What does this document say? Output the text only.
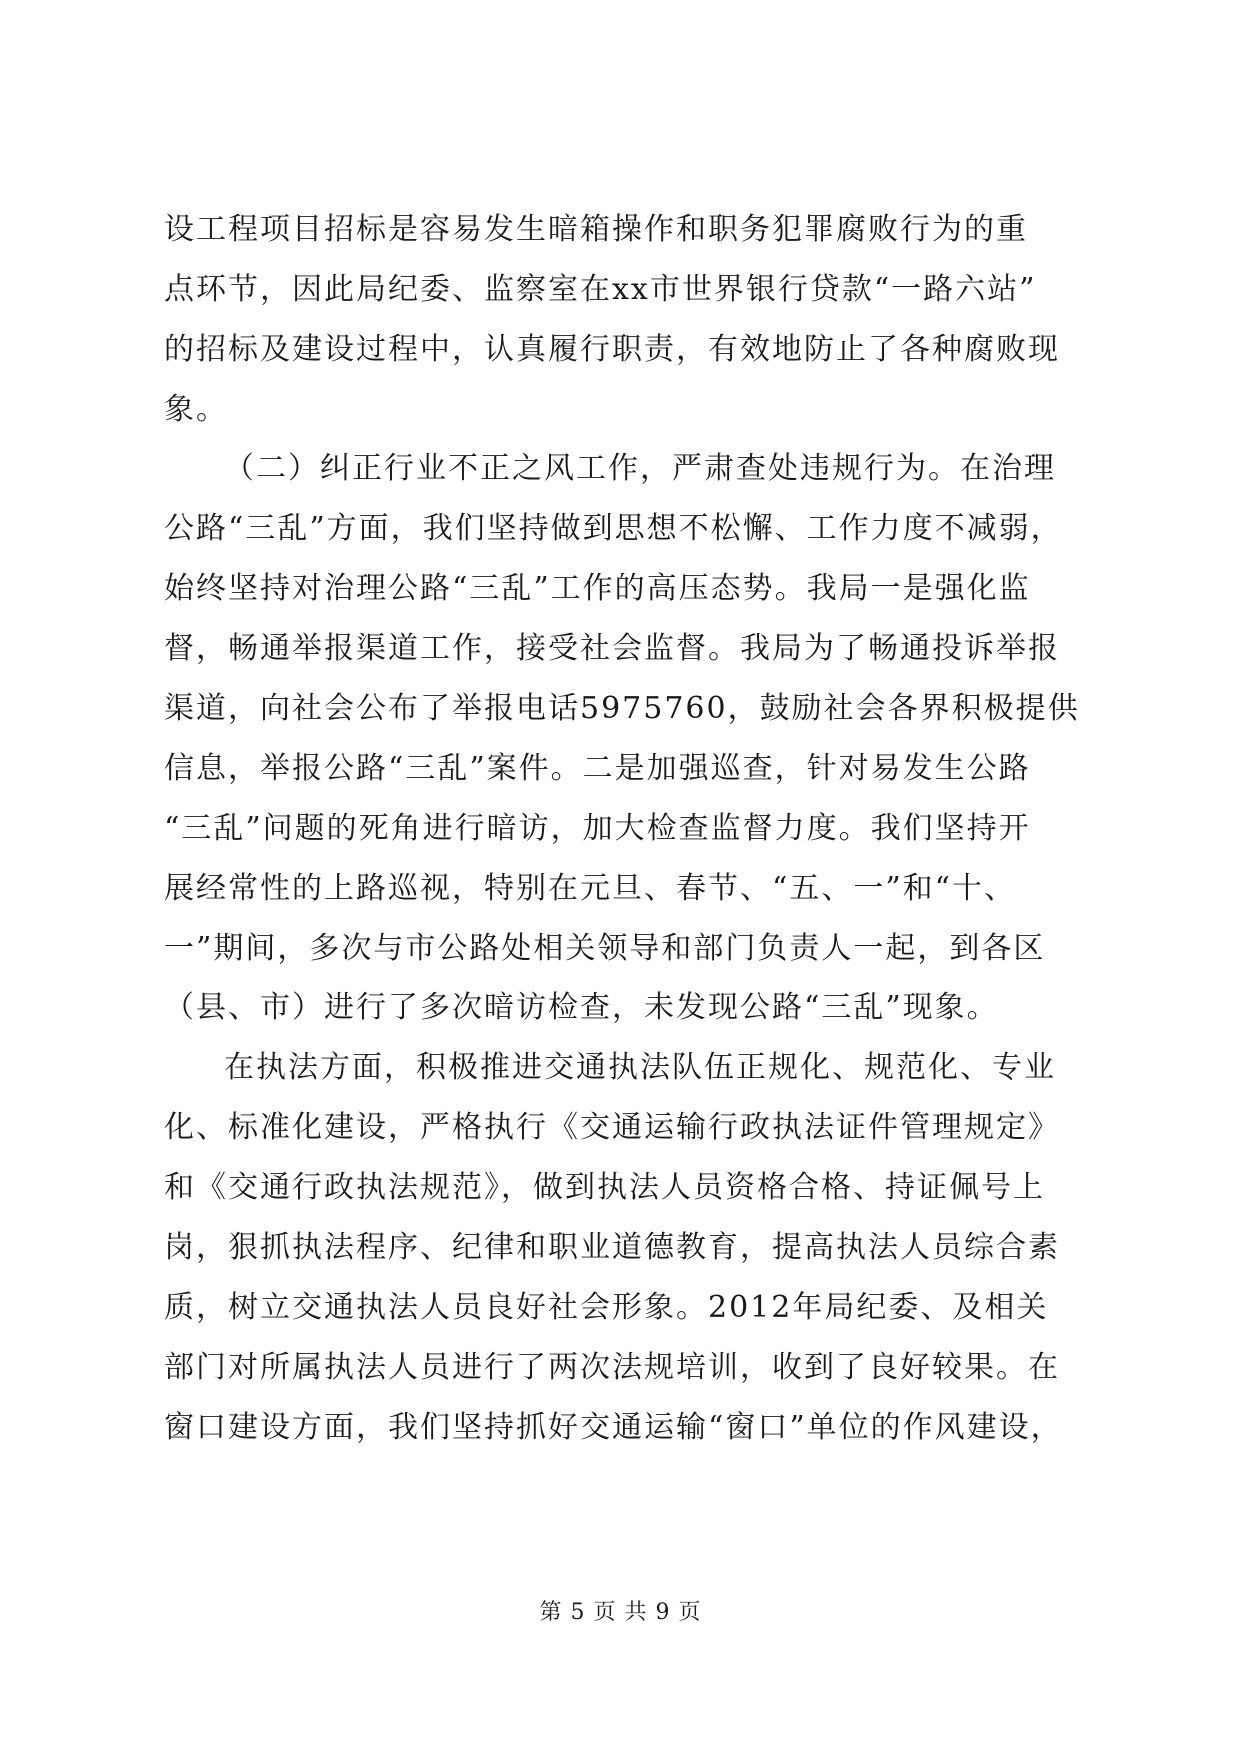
设工程项目招标是容易发生暗箱操作和职务犯罪腐败行为的重
点环节，因此局纪委、监察室在xx市世界银行贷款“一路六站”
的招标及建设过程中，认真履行职责，有效地防止了各种腐败现
象。
（二）纠正行业不正之风工作，严肃查处违规行为。在治理
公路“三乱”方面，我们坚持做到思想不松懈、工作力度不减弱，
始终坚持对治理公路“三乱”工作的高压态势。我局一是强化监
督，畅通举报渠道工作，接受社会监督。我局为了畅通投诉举报
渠道，向社会公布了举报电话5975760，鼓励社会各界积极提供
信息，举报公路“三乱”案件。二是加强巡查，针对易发生公路
“三乱”问题的死角进行暗访，加大检查监督力度。我们坚持开
展经常性的上路巡视，特别在元旦、春节、“五、一”和“十、
一”期间，多次与市公路处相关领导和部门负责人一起，到各区
（县、市）进行了多次暗访检查，未发现公路“三乱”现象。
在执法方面，积极推进交通执法队伍正规化、规范化、专业
化、标准化建设，严格执行《交通运输行政执法证件管理规定》
和《交通行政执法规范》，做到执法人员资格合格、持证佩号上
岗，狠抓执法程序、纪律和职业道德教育，提高执法人员综合素
质，树立交通执法人员良好社会形象。2012年局纪委、及相关
部门对所属执法人员进行了两次法规培训，收到了良好较果。在
窗口建设方面，我们坚持抓好交通运输“窗口”单位的作风建设，
第 5 页 共 9 页
